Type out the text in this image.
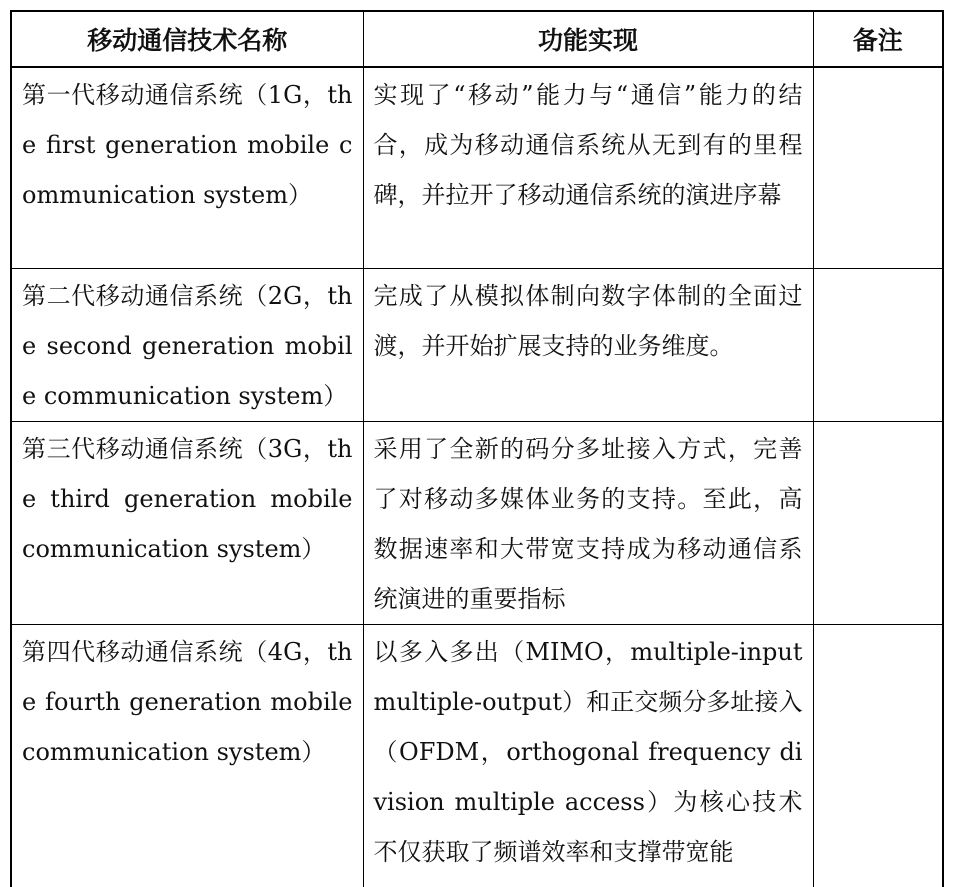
移动通信技术名称	功能实现	备注
第一代移动通信系统（1G，the first generation mobile communication system）	实现了“移动”能力与“通信”能力的结合，成为移动通信系统从无到有的里程碑，并拉开了移动通信系统的演进序幕	
第二代移动通信系统（2G，the second generation mobile communication system）	完成了从模拟体制向数字体制的全面过渡，并开始扩展支持的业务维度。	
第三代移动通信系统（3G，the third generation mobile communication system）	采用了全新的码分多址接入方式，完善了对移动多媒体业务的支持。至此，高数据速率和大带宽支持成为移动通信系统演进的重要指标	
第四代移动通信系统（4G，the fourth generation mobile communication system）	以多入多出（MIMO，multiple-input multiple-output）和正交频分多址接入（OFDM，orthogonal frequency division multiple access）为核心技术不仅获取了频谱效率和支撑带宽能	
